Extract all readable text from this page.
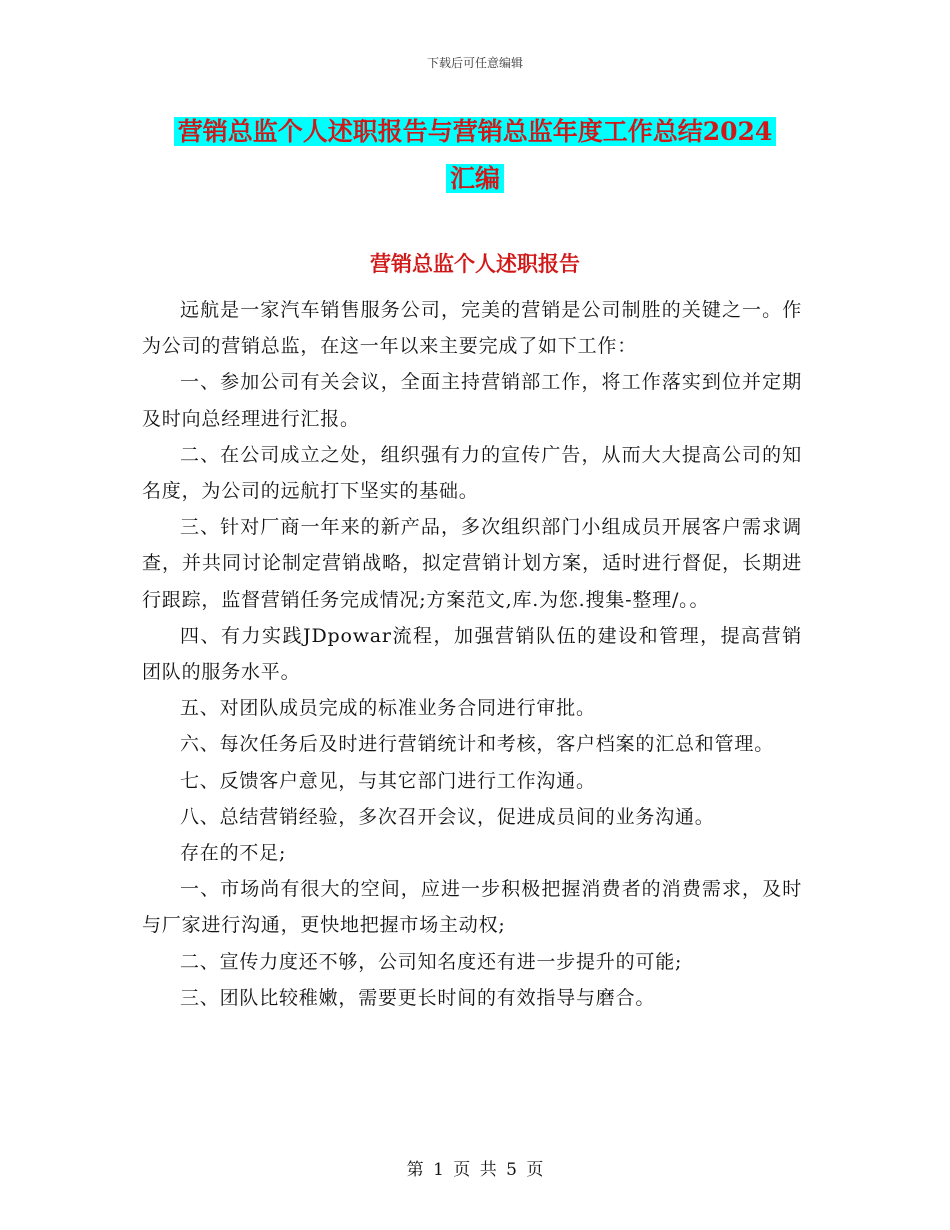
下载后可任意编辑
营销总监个人述职报告与营销总监年度工作总结2024
汇编
营销总监个人述职报告

远航是一家汽车销售服务公司，完美的营销是公司制胜的关键之一。作为公司的营销总监，在这一年以来主要完成了如下工作：

一、参加公司有关会议，全面主持营销部工作，将工作落实到位并定期及时向总经理进行汇报。

二、在公司成立之处，组织强有力的宣传广告，从而大大提高公司的知名度，为公司的远航打下坚实的基础。

三、针对厂商一年来的新产品，多次组织部门小组成员开展客户需求调查，并共同讨论制定营销战略，拟定营销计划方案，适时进行督促，长期进行跟踪，监督营销任务完成情况;方案范文,库.为您.搜集-整理/。。

四、有力实践JDpowar流程，加强营销队伍的建设和管理，提高营销团队的服务水平。

五、对团队成员完成的标准业务合同进行审批。

六、每次任务后及时进行营销统计和考核，客户档案的汇总和管理。

七、反馈客户意见，与其它部门进行工作沟通。

八、总结营销经验，多次召开会议，促进成员间的业务沟通。

存在的不足;

一、市场尚有很大的空间，应进一步积极把握消费者的消费需求，及时与厂家进行沟通，更快地把握市场主动权;

二、宣传力度还不够，公司知名度还有进一步提升的可能;

三、团队比较稚嫩，需要更长时间的有效指导与磨合。

第 1 页 共 5 页
